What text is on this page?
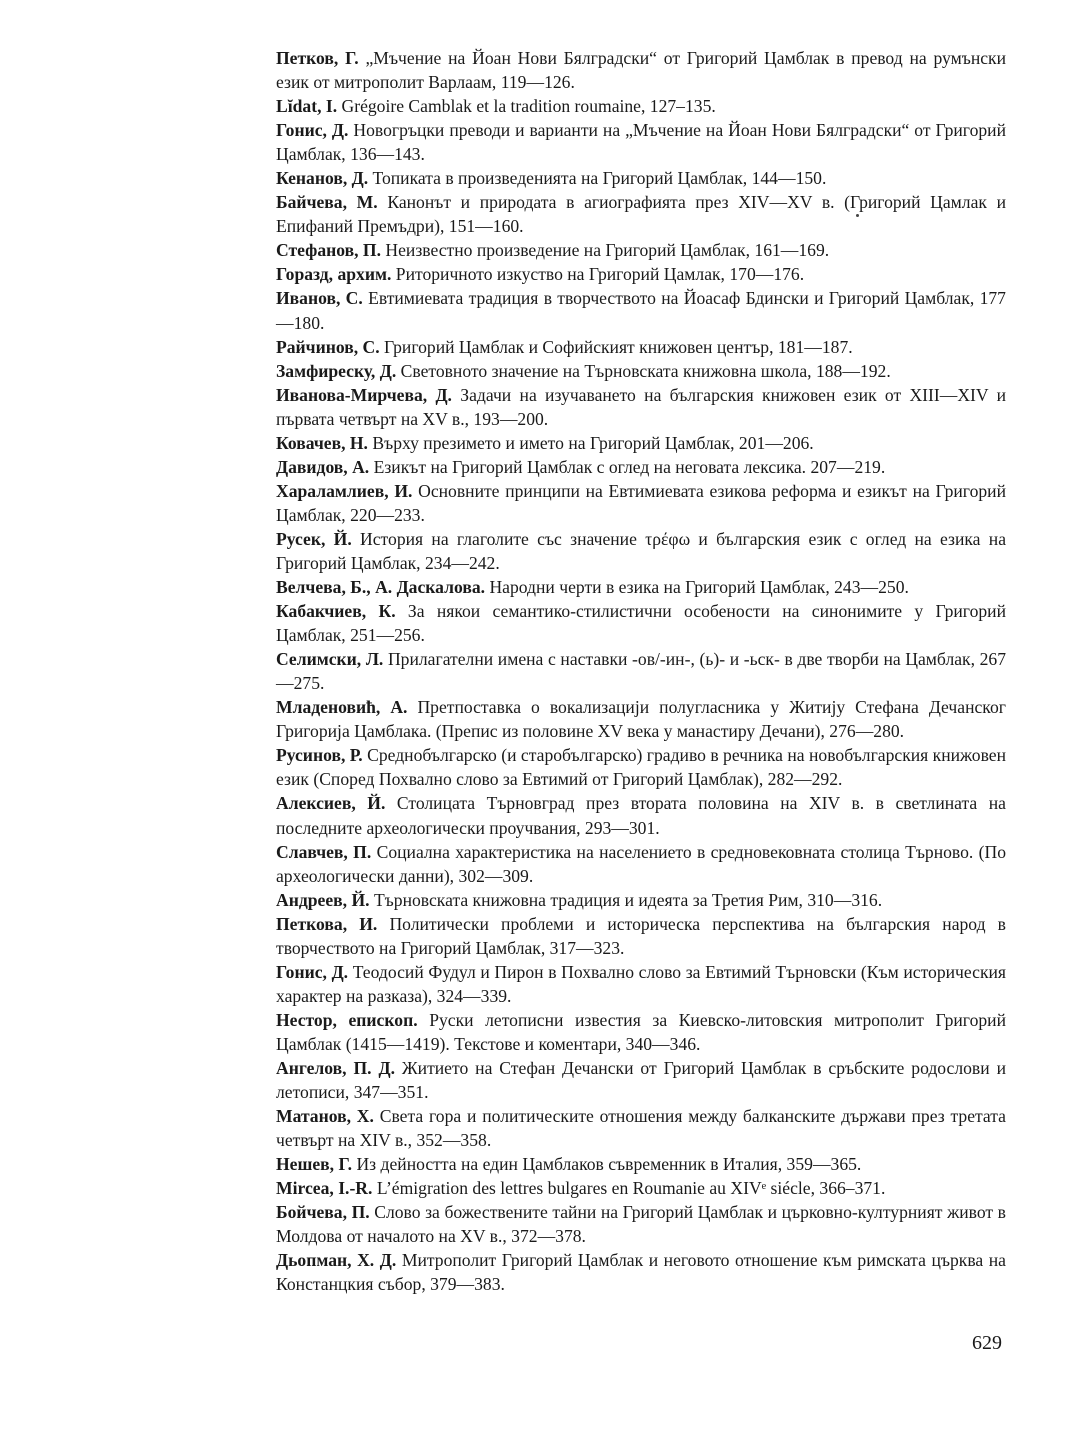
Петков, Г. „Мъчение на Йоан Нови Бялградски“ от Григорий Цамблак в превод на румънски език от митрополит Варлаам, 119—126.
Lĭdat, I. Grégoire Camblak et la tradition roumaine, 127–135.
Гонис, Д. Новогръцки преводи и варианти на „Мъчение на Йоан Нови Бялградски“ от Григорий Цамблак, 136—143.
Кенанов, Д. Топиката в произведенията на Григорий Цамблак, 144—150.
Байчева, М. Канонът и природата в агиографията през XIV—XV в. (Григорий Цамлак и Епифаний Премъдри), 151—160.
Стефанов, П. Неизвестно произведение на Григорий Цамблак, 161—169.
Горазд, архим. Риторичното изкуство на Григорий Цамлак, 170—176.
Иванов, С. Евтимиевата традиция в творчеството на Йоасаф Бдински и Григорий Цамблак, 177—180.
Райчинов, С. Григорий Цамблак и Софийският книжовен център, 181—187.
Замфиреску, Д. Световното значение на Търновската книжовна школа, 188—192.
Иванова-Мирчева, Д. Задачи на изучаването на българския книжовен език от XIII—XIV и първата четвърт на XV в., 193—200.
Ковачев, Н. Върху презимето и името на Григорий Цамблак, 201—206.
Давидов, А. Езикът на Григорий Цамблак с оглед на неговата лексика. 207—219.
Хараламлиев, И. Основните принципи на Евтимиевата езикова реформа и езикът на Григорий Цамблак, 220—233.
Русек, Й. История на глаголите със значение τρέφω и българския език с оглед на езика на Григорий Цамблак, 234—242.
Велчева, Б., А. Даскалова. Народни черти в езика на Григорий Цамблак, 243—250.
Кабакчиев, К. За някои семантико-стилистични особености на синонимите у Григорий Цамблак, 251—256.
Селимски, Л. Прилагателни имена с наставки -ов/-ин-, (ь)- и -ьск- в две творби на Цамблак, 267—275.
Младеновић, А. Претпоставка о вокализацији полугласника у Житију Стефана Дечанског Григорија Цамблака. (Препис из половине XV века у манастиру Дечани), 276—280.
Русинов, Р. Среднобългарско (и старобългарско) градиво в речника на новобългарския книжовен език (Според Похвално слово за Евтимий от Григорий Цамблак), 282—292.
Алексиев, Й. Столицата Търновград през втората половина на XIV в. в светлината на последните археологически проучвания, 293—301.
Славчев, П. Социална характеристика на населението в средновековната столица Търново. (По археологически данни), 302—309.
Андреев, Й. Търновската книжовна традиция и идеята за Третия Рим, 310—316.
Петкова, И. Политически проблеми и историческа перспектива на българския народ в творчеството на Григорий Цамблак, 317—323.
Гонис, Д. Теодосий Фудул и Пирон в Похвално слово за Евтимий Търновски (Към историческия характер на разказа), 324—339.
Нестор, епископ. Руски летописни известия за Киевско-литовския митрополит Григорий Цамблак (1415—1419). Текстове и коментари, 340—346.
Ангелов, П. Д. Житието на Стефан Дечански от Григорий Цамблак в сръбските родослови и летописи, 347—351.
Матанов, Х. Света гора и политическите отношения между балканските държави през третата четвърт на XIV в., 352—358.
Нешев, Г. Из дейността на един Цамблаков съвременник в Италия, 359—365.
Mircea, I.-R. L’émigration des lettres bulgares en Roumanie au XIVᵉ siécle, 366–371.
Бойчева, П. Слово за божествените тайни на Григорий Цамблак и църковно-културният живот в Молдова от началото на XV в., 372—378.
Дьопман, Х. Д. Митрополит Григорий Цамблак и неговото отношение към римската църква на Констанцкия събор, 379—383.
629
